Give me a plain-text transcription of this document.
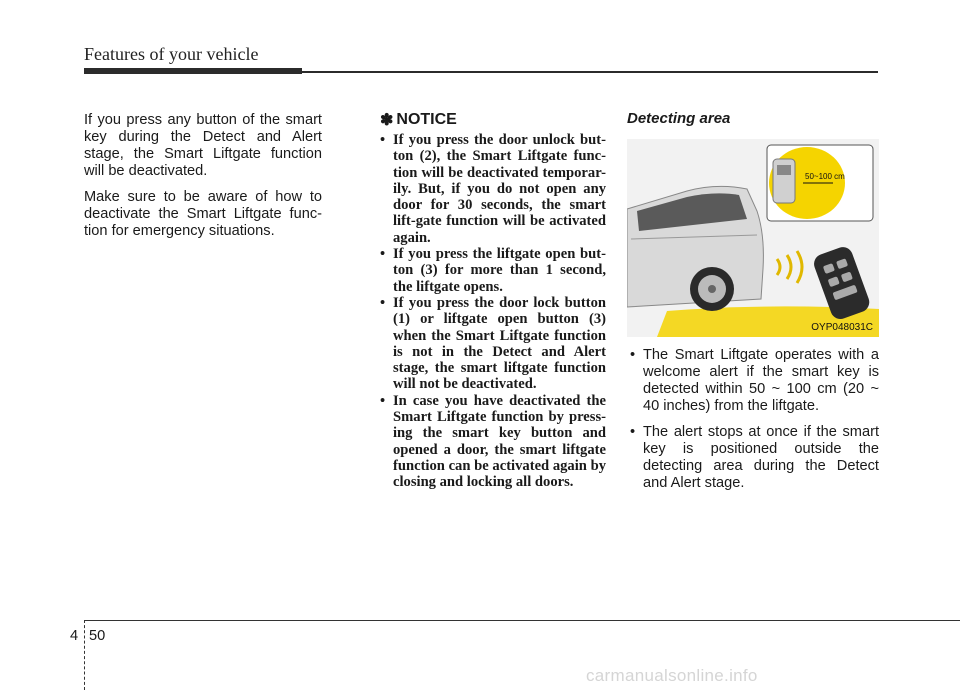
Features of your vehicle

If you press any button of the smart key during the Detect and Alert stage, the Smart Liftgate function will be deactivated.

Make sure to be aware of how to deactivate the Smart Liftgate func-tion for emergency situations.

✽ NOTICE
• If you press the door unlock but-ton (2), the Smart Liftgate func-tion will be deactivated temporar-ily. But, if you do not open any door for 30 seconds, the smart lift-gate function will be activated again.
• If you press the liftgate open but-ton (3) for more than 1 second, the liftgate opens.
• If you press the door lock button (1) or liftgate open button (3) when the Smart Liftgate function is not in the Detect and Alert stage, the smart liftgate function will not be deactivated.
• In case you have deactivated the Smart Liftgate function by press-ing the smart key button and opened a door, the smart liftgate function can be activated again by closing and locking all doors.
Detecting area
50~100 cm
OYP048031C
• The Smart Liftgate operates with a welcome alert if the smart key is detected within 50 ~ 100 cm (20 ~ 40 inches) from the liftgate.
• The alert stops at once if the smart key is positioned outside the detecting area during the Detect and Alert stage.
4 50
carmanualsonline.info
